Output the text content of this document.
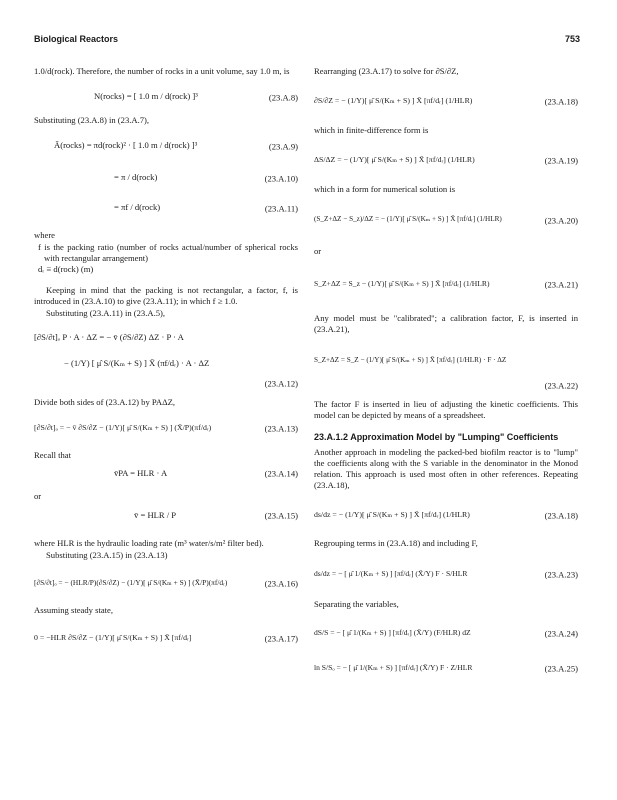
Biological Reactors	753

1.0/d(rock). Therefore, the number of rocks in a unit volume, say 1.0 m, is

N(rocks) = [ 1.0 m / d(rock) ]³	(23.A.8)

Substituting (23.A.8) in (23.A.7),

Ā(rocks) = πd(rock)² · [ 1.0 m / d(rock) ]³	(23.A.9)
= π / d(rock)	(23.A.10)
= πf / d(rock)	(23.A.11)

where

f is the packing ratio (number of rocks actual/number of spherical rocks with rectangular arrangement)

dᵣ ≡ d(rock) (m)

Keeping in mind that the packing is not rectangular, a factor, f, is introduced in (23.A.10) to give (23.A.11); in which f ≥ 1.0.

Substituting (23.A.11) in (23.A.5),

[∂S/∂t]ₒ P · A · ΔZ = − v̄ (∂S/∂Z) ΔZ · P · A
− (1/Y) [ μ̂ S/(Kₘ + S) ] X̄ (πf/dᵣ) · A · ΔZ
(23.A.12)

Divide both sides of (23.A.12) by PAΔZ,

[∂S/∂t]ₒ = − v̄ ∂S/∂Z − (1/Y)[ μ̂ S/(Kₘ + S) ] (X̄/P)(πf/dᵣ)	(23.A.13)

Recall that

v̄PA = HLR · A	(23.A.14)

or

v̄ = HLR / P	(23.A.15)

where HLR is the hydraulic loading rate (m³ water/s/m² filter bed).

Substituting (23.A.15) in (23.A.13)

[∂S/∂t]ₒ = − (HLR/P)(∂S/∂Z) − (1/Y)[ μ̂ S/(Kₘ + S) ] (X̄/P)(πf/dᵣ)	(23.A.16)

Assuming steady state,

0 = −HLR ∂S/∂Z − (1/Y)[ μ̂ S/(Kₘ + S) ] X̄ [πf/dᵣ]	(23.A.17)

Rearranging (23.A.17) to solve for ∂S/∂Z,

∂S/∂Z = − (1/Y)[ μ̂ S/(Kₘ + S) ] X̄ [πf/dᵣ] (1/HLR)	(23.A.18)

which in finite-difference form is

ΔS/ΔZ = − (1/Y)[ μ̂ S/(Kₘ + S) ] X̄ [πf/dᵣ] (1/HLR)	(23.A.19)

which in a form for numerical solution is

(S_Z+ΔZ − S_z)/ΔZ = − (1/Y)[ μ̂ S/(Kₘ + S) ] X̄ [πf/dᵣ] (1/HLR)	(23.A.20)

or

S_Z+ΔZ = S_z − (1/Y)[ μ̂ S/(Kₘ + S) ] X̄ [πf/dᵣ] (1/HLR)	(23.A.21)

Any model must be "calibrated"; a calibration factor, F, is inserted in (23.A.21),

S_Z+ΔZ = S_Z − (1/Y)[ μ̂ S/(Kₘ + S) ] X̄ [πf/dᵣ] (1/HLR) · F · ΔZ
(23.A.22)

The factor F is inserted in lieu of adjusting the kinetic coefficients. This model can be depicted by means of a spreadsheet.

23.A.1.2 Approximation Model by "Lumping" Coefficients

Another approach in modeling the packed-bed biofilm reactor is to "lump" the coefficients along with the S variable in the denominator in the Monod relation. This approach is used most often in other references. Repeating (23.A.18),

ds/dz = − (1/Y)[ μ̂ S/(Kₘ + S) ] X̄ [πf/dᵣ] (1/HLR)	(23.A.18)

Regrouping terms in (23.A.18) and including F,

ds/dz = − [ μ̂ 1/(Kₘ + S) ] [πf/dᵣ] (X̄/Y) F · S/HLR	(23.A.23)

Separating the variables,

dS/S = − [ μ̂ 1/(Kₘ + S) ] [πf/dᵣ] (X̄/Y) (F/HLR) dZ	(23.A.24)
ln S/Sₒ = − [ μ̂ 1/(Kₘ + S) ] [πf/dᵣ] (X̄/Y) F · Z/HLR	(23.A.25)
